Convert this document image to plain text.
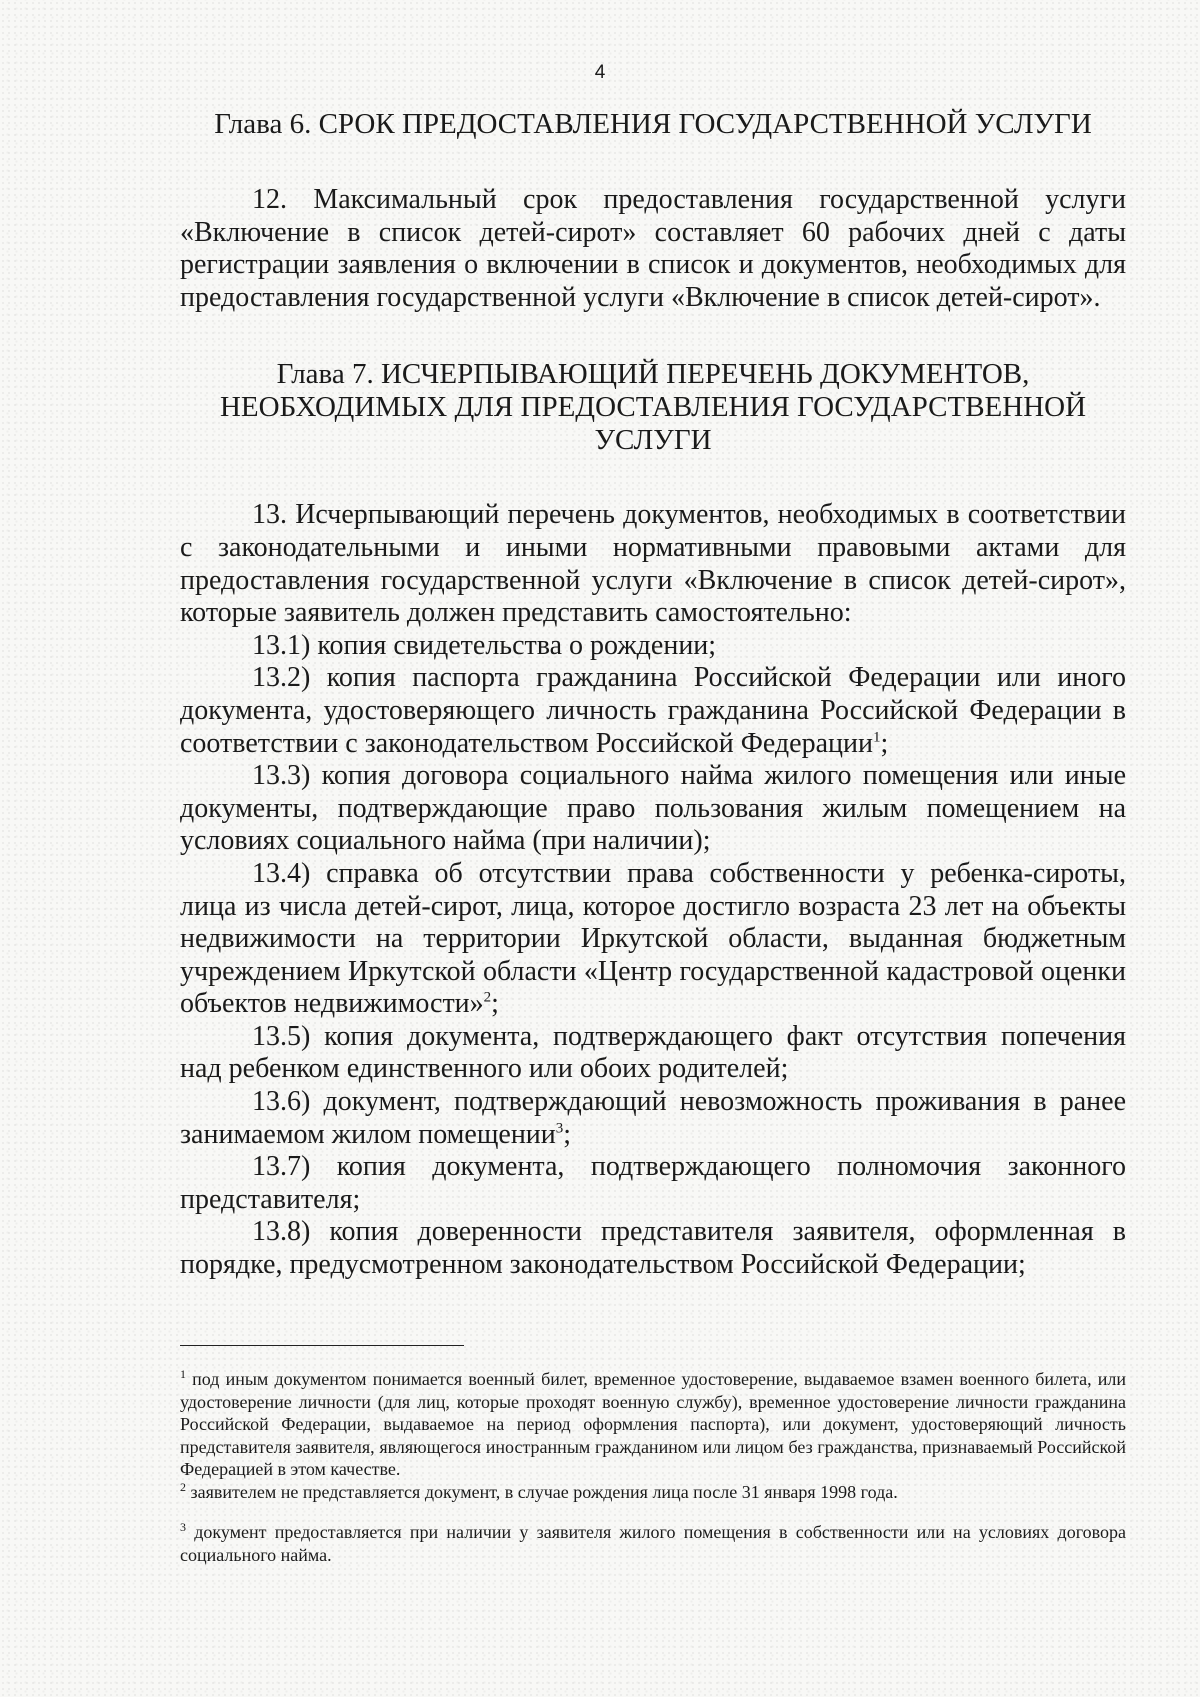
4
Глава 6. СРОК ПРЕДОСТАВЛЕНИЯ ГОСУДАРСТВЕННОЙ УСЛУГИ

12. Максимальный срок предоставления государственной услуги «Включение в список детей-сирот» составляет 60 рабочих дней с даты регистрации заявления о включении в список и документов, необходимых для предоставления государственной услуги «Включение в список детей-сирот».

Глава 7. ИСЧЕРПЫВАЮЩИЙ ПЕРЕЧЕНЬ ДОКУМЕНТОВ, НЕОБХОДИМЫХ ДЛЯ ПРЕДОСТАВЛЕНИЯ ГОСУДАРСТВЕННОЙ УСЛУГИ

13. Исчерпывающий перечень документов, необходимых в соответствии с законодательными и иными нормативными правовыми актами для предоставления государственной услуги «Включение в список детей-сирот», которые заявитель должен представить самостоятельно:

13.1) копия свидетельства о рождении;

13.2) копия паспорта гражданина Российской Федерации или иного документа, удостоверяющего личность гражданина Российской Федерации в соответствии с законодательством Российской Федерации$^1$;

13.3) копия договора социального найма жилого помещения или иные документы, подтверждающие право пользования жилым помещением на условиях социального найма (при наличии);

13.4) справка об отсутствии права собственности у ребенка-сироты, лица из числа детей-сирот, лица, которое достигло возраста 23 лет на объекты недвижимости на территории Иркутской области, выданная бюджетным учреждением Иркутской области «Центр государственной кадастровой оценки объектов недвижимости»$^2$;

13.5) копия документа, подтверждающего факт отсутствия попечения над ребенком единственного или обоих родителей;

13.6) документ, подтверждающий невозможность проживания в ранее занимаемом жилом помещении$^3$;

13.7) копия документа, подтверждающего полномочия законного представителя;

13.8) копия доверенности представителя заявителя, оформленная в порядке, предусмотренном законодательством Российской Федерации;

$^1$ под иным документом понимается военный билет, временное удостоверение, выдаваемое взамен военного билета, или удостоверение личности (для лиц, которые проходят военную службу), временное удостоверение личности гражданина Российской Федерации, выдаваемое на период оформления паспорта), или документ, удостоверяющий личность представителя заявителя, являющегося иностранным гражданином или лицом без гражданства, признаваемый Российской Федерацией в этом качестве.

$^2$ заявителем не представляется документ, в случае рождения лица после 31 января 1998 года.

$^3$ документ предоставляется при наличии у заявителя жилого помещения в собственности или на условиях договора социального найма.
